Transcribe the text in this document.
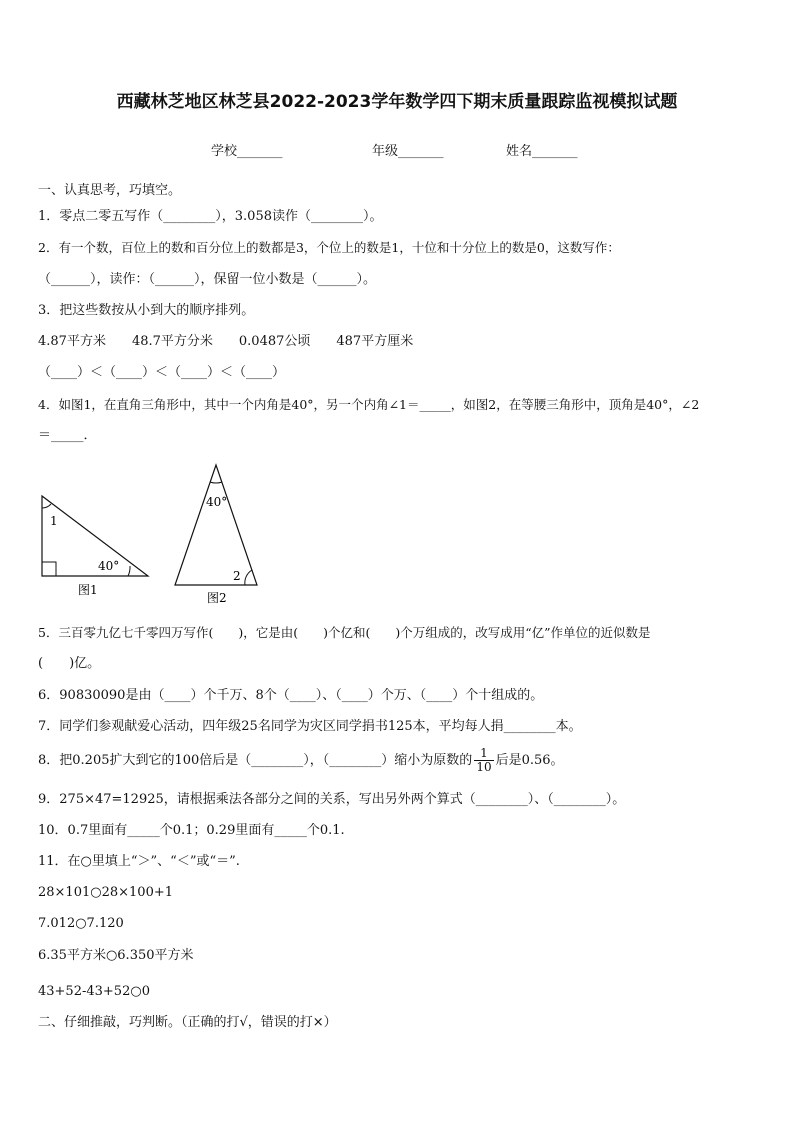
西藏林芝地区林芝县2022-2023学年数学四下期末质量跟踪监视模拟试题
学校_______	年级_______	姓名_______
一、认真思考，巧填空。
1．零点二零五写作（________），3.058读作（________）。
2．有一个数，百位上的数和百分位上的数都是3，个位上的数是1，十位和十分位上的数是0，这数写作：
（______），读作：（______），保留一位小数是（______）。
3．把这些数按从小到大的顺序排列。
4.87平方米　　48.7平方分米　　0.0487公顷　　487平方厘米
（____）＜（____）＜（____）＜（____）
4．如图1，在直角三角形中，其中一个内角是40°，另一个内角∠1＝_____，如图2，在等腰三角形中，顶角是40°，∠2
＝_____．
1
40°
图1
40°
2
图2
5．三百零九亿七千零四万写作(　　)，它是由(　　)个亿和(　　)个万组成的，改写成用“亿”作单位的近似数是
(　　)亿。
6．90830090是由（____）个千万、8个（____）、（____）个万、（____）个十组成的。
7．同学们参观献爱心活动，四年级25名同学为灾区同学捐书125本，平均每人捐________本。
8．把0.205扩大到它的100倍后是（________），（________）缩小为原数的 $\frac{1}{10}$ 后是0.56。
9．275×47=12925，请根据乘法各部分之间的关系，写出另外两个算式（________）、（________）。
10．0.7里面有_____个0.1；0.29里面有_____个0.1.
11．在○里填上“＞”、“＜”或“＝”.
28×101○28×100+1
7.012○7.120
6.35平方米○6.350平方米
43+52-43+52○0
二、仔细推敲，巧判断。（正确的打√，错误的打×）
